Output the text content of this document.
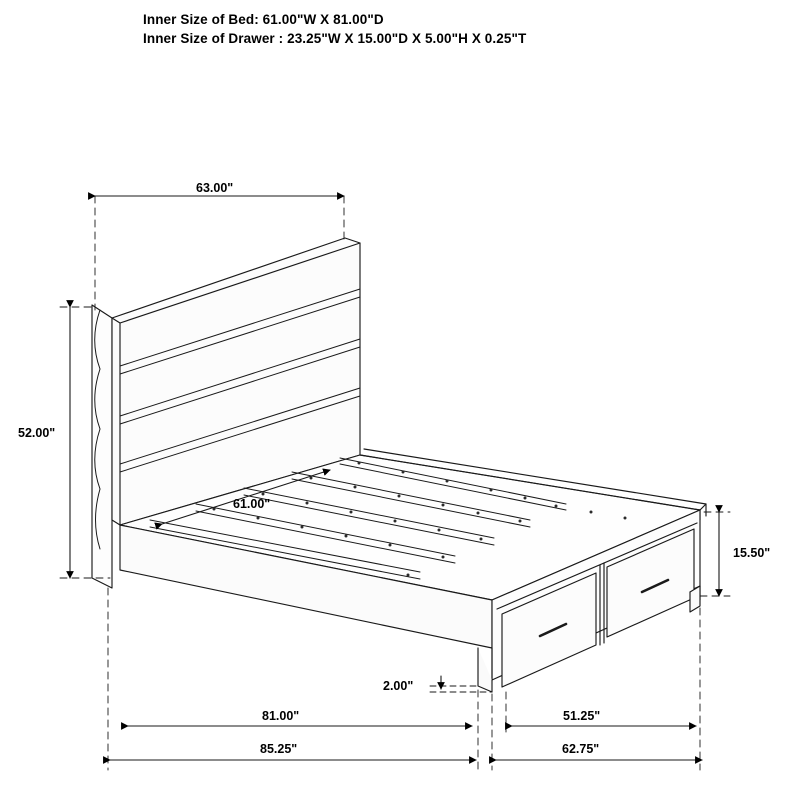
Inner Size of Bed: 61.00"W X 81.00"D
Inner Size of Drawer : 23.25"W X 15.00"D X 5.00"H X 0.25"T
63.00"
52.00"
61.00"
15.50"
2.00"
81.00"	51.25"
85.25"	62.75"
